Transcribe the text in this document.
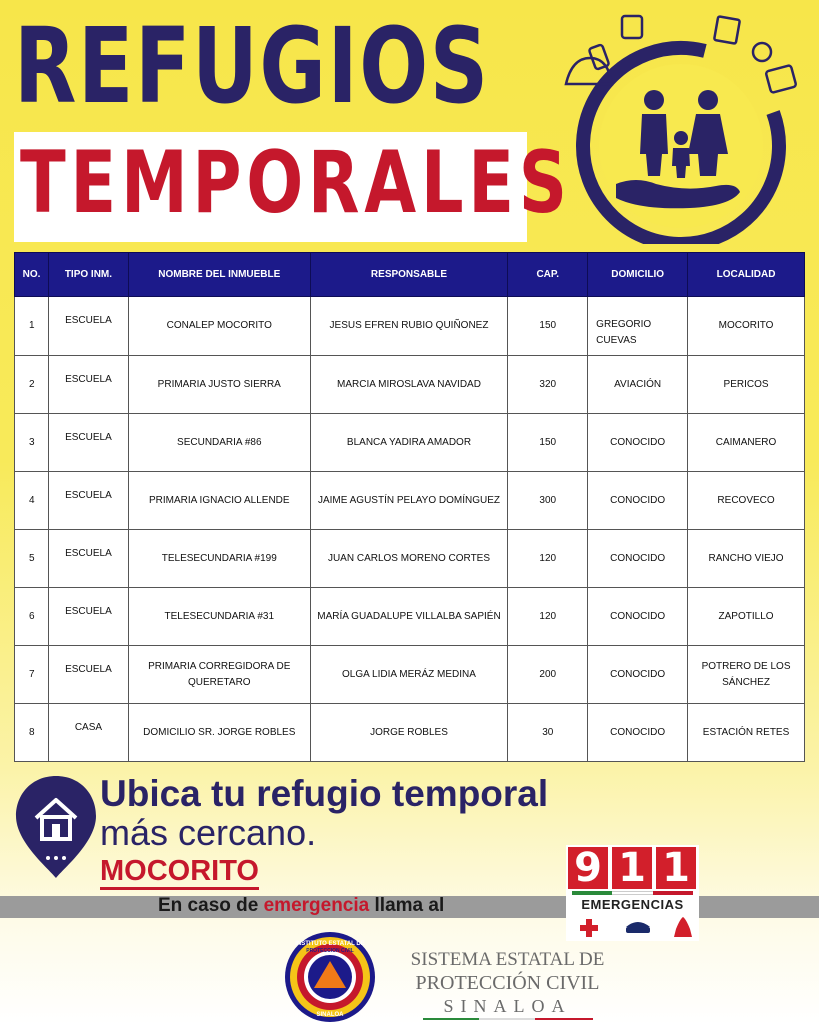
REFUGIOS
TEMPORALES
NO.	TIPO INM.	NOMBRE DEL INMUEBLE	RESPONSABLE	CAP.	DOMICILIO	LOCALIDAD
1	ESCUELA	CONALEP MOCORITO	JESUS EFREN RUBIO QUIÑONEZ	150	GREGORIO CUEVAS	MOCORITO
2	ESCUELA	PRIMARIA JUSTO SIERRA	MARCIA MIROSLAVA NAVIDAD	320	AVIACIÓN	PERICOS
3	ESCUELA	SECUNDARIA #86	BLANCA YADIRA AMADOR	150	CONOCIDO	CAIMANERO
4	ESCUELA	PRIMARIA IGNACIO ALLENDE	JAIME AGUSTÍN PELAYO DOMÍNGUEZ	300	CONOCIDO	RECOVECO
5	ESCUELA	TELESECUNDARIA #199	JUAN CARLOS MORENO CORTES	120	CONOCIDO	RANCHO VIEJO
6	ESCUELA	TELESECUNDARIA #31	MARÍA GUADALUPE VILLALBA SAPIÉN	120	CONOCIDO	ZAPOTILLO
7	ESCUELA	PRIMARIA CORREGIDORA DE QUERETARO	OLGA LIDIA MERÁZ MEDINA	200	CONOCIDO	POTRERO DE LOS SÁNCHEZ
8	CASA	DOMICILIO SR. JORGE ROBLES	JORGE ROBLES	30	CONOCIDO	ESTACIÓN RETES
Ubica tu refugio temporal
más cercano.
MOCORITO
En caso de emergencia llama al
9 1 1
EMERGENCIAS
INSTITUTO ESTATAL DE
PROTECCION CIVIL
SINALOA
SISTEMA ESTATAL DE
PROTECCIÓN CIVIL
SINALOA
